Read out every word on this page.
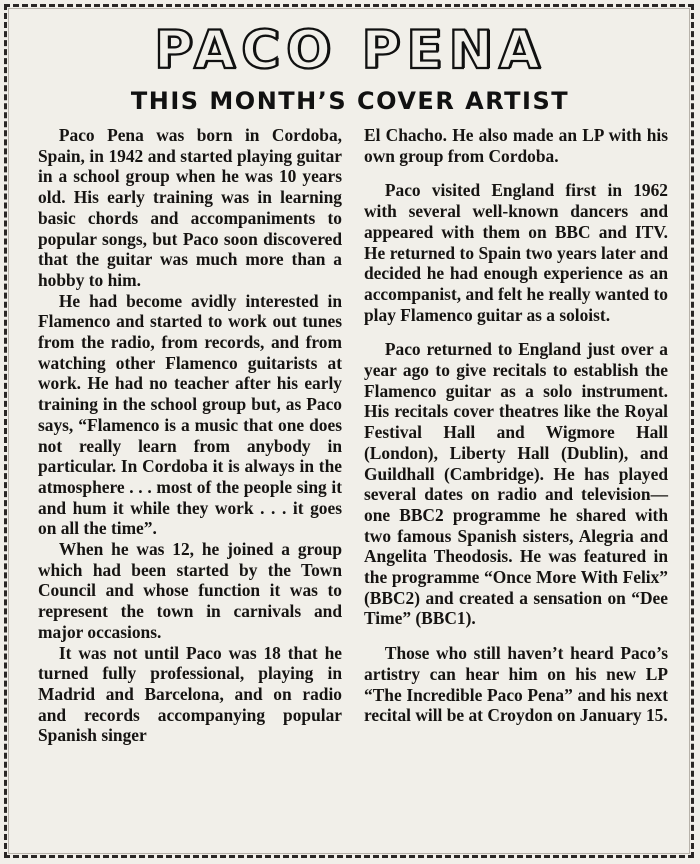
PACO PENA
THIS MONTH’S COVER ARTIST

Paco Pena was born in Cordoba, Spain, in 1942 and started playing guitar in a school group when he was 10 years old. His early training was in learning basic chords and accompaniments to popular songs, but Paco soon discovered that the guitar was much more than a hobby to him.

He had become avidly interested in Flamenco and started to work out tunes from the radio, from records, and from watching other Flamenco guitarists at work. He had no teacher after his early training in the school group but, as Paco says, “Flamenco is a music that one does not really learn from anybody in particular. In Cordoba it is always in the atmosphere . . . most of the people sing it and hum it while they work . . . it goes on all the time”.

When he was 12, he joined a group which had been started by the Town Council and whose function it was to represent the town in carnivals and major occasions.

It was not until Paco was 18 that he turned fully professional, playing in Madrid and Barcelona, and on radio and records accompanying popular Spanish singer

El Chacho. He also made an LP with his own group from Cordoba.

Paco visited England first in 1962 with several well-known dancers and appeared with them on BBC and ITV. He returned to Spain two years later and decided he had enough experience as an accompanist, and felt he really wanted to play Flamenco guitar as a soloist.

Paco returned to England just over a year ago to give recitals to establish the Flamenco guitar as a solo instrument. His recitals cover theatres like the Royal Festival Hall and Wigmore Hall (London), Liberty Hall (Dublin), and Guildhall (Cambridge). He has played several dates on radio and television—one BBC2 programme he shared with two famous Spanish sisters, Alegria and Angelita Theodosis. He was featured in the programme “Once More With Felix” (BBC2) and created a sensation on “Dee Time” (BBC1).

Those who still haven’t heard Paco’s artistry can hear him on his new LP “The Incredible Paco Pena” and his next recital will be at Croydon on January 15.
